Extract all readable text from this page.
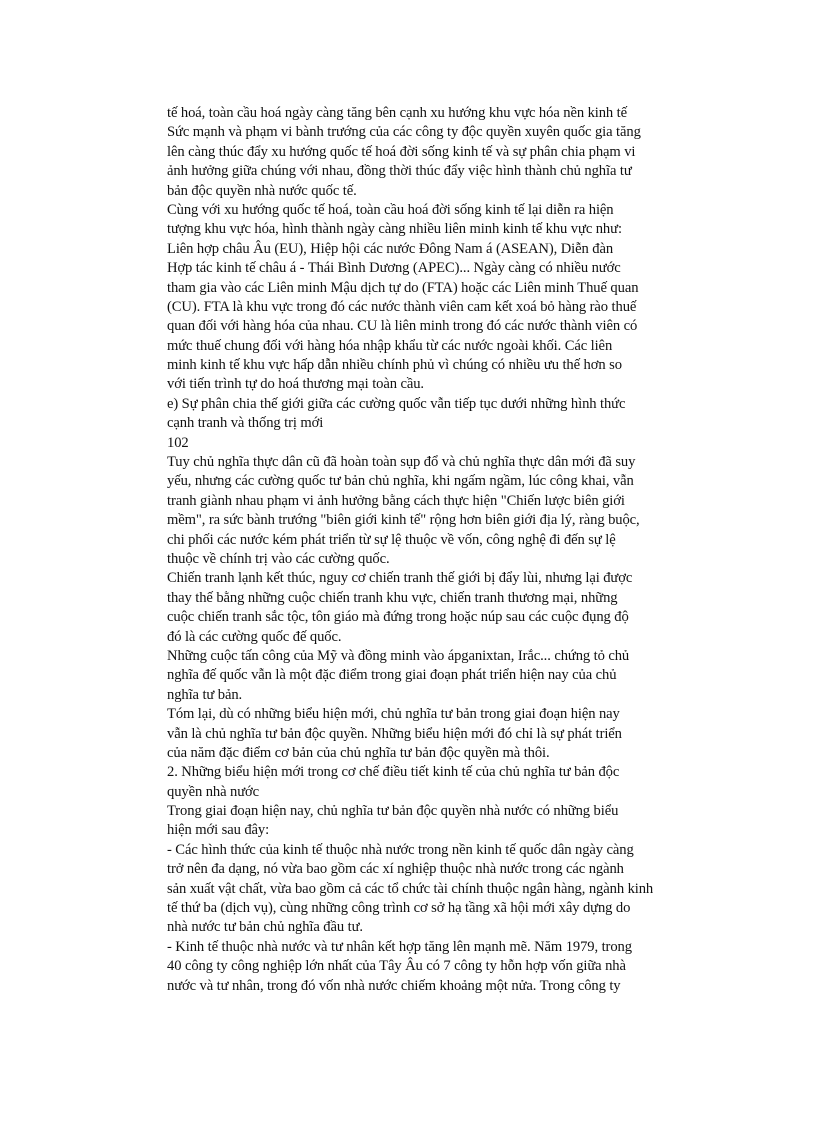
tế hoá, toàn cầu hoá ngày càng tăng bên cạnh xu hướng khu vực hóa nền kinh tế
Sức mạnh và phạm vi bành trướng của các công ty độc quyền xuyên quốc gia tăng
lên càng thúc đẩy xu hướng quốc tế hoá đời sống kinh tế và sự phân chia phạm vi
ảnh hưởng giữa chúng với nhau, đồng thời thúc đẩy việc hình thành chủ nghĩa tư
bản độc quyền nhà nước quốc tế.
Cùng với xu hướng quốc tế hoá, toàn cầu hoá đời sống kinh tế lại diễn ra hiện
tượng khu vực hóa, hình thành ngày càng nhiều liên minh kinh tế khu vực như:
Liên hợp châu Âu (EU), Hiệp hội các nước Đông Nam á (ASEAN), Diễn đàn
Hợp tác kinh tế châu á - Thái Bình Dương (APEC)... Ngày càng có nhiều nước
tham gia vào các Liên minh Mậu dịch tự do (FTA) hoặc các Liên minh Thuế quan
(CU). FTA là khu vực trong đó các nước thành viên cam kết xoá bỏ hàng rào thuế
quan đối với hàng hóa của nhau. CU là liên minh trong đó các nước thành viên có
mức thuế chung đối với hàng hóa nhập khẩu từ các nước ngoài khối. Các liên
minh kinh tế khu vực hấp dẫn nhiều chính phủ vì chúng có nhiều ưu thế hơn so
với tiến trình tự do hoá thương mại toàn cầu.
e) Sự phân chia thế giới giữa các cường quốc vẫn tiếp tục dưới những hình thức
cạnh tranh và thống trị mới
102
Tuy chủ nghĩa thực dân cũ đã hoàn toàn sụp đổ và chủ nghĩa thực dân mới đã suy
yếu, nhưng các cường quốc tư bản chủ nghĩa, khi ngấm ngầm, lúc công khai, vẫn
tranh giành nhau phạm vi ảnh hưởng bằng cách thực hiện "Chiến lược biên giới
mềm", ra sức bành trướng "biên giới kinh tế" rộng hơn biên giới địa lý, ràng buộc,
chi phối các nước kém phát triển từ sự lệ thuộc về vốn, công nghệ đi đến sự lệ
thuộc về chính trị vào các cường quốc.
Chiến tranh lạnh kết thúc, nguy cơ chiến tranh thế giới bị đẩy lùi, nhưng lại được
thay thế bằng những cuộc chiến tranh khu vực, chiến tranh thương mại, những
cuộc chiến tranh sắc tộc, tôn giáo mà đứng trong hoặc núp sau các cuộc đụng độ
đó là các cường quốc đế quốc.
Những cuộc tấn công của Mỹ và đồng minh vào ápganixtan, Irắc... chứng tỏ chủ
nghĩa đế quốc vẫn là một đặc điểm trong giai đoạn phát triển hiện nay của chủ
nghĩa tư bản.
Tóm lại, dù có những biểu hiện mới, chủ nghĩa tư bản trong giai đoạn hiện nay
vẫn là chủ nghĩa tư bản độc quyền. Những biểu hiện mới đó chỉ là sự phát triển
của năm đặc điểm cơ bản của chủ nghĩa tư bản độc quyền mà thôi.
2. Những biểu hiện mới trong cơ chế điều tiết kinh tế của chủ nghĩa tư bản độc
quyền nhà nước
Trong giai đoạn hiện nay, chủ nghĩa tư bản độc quyền nhà nước có những biểu
hiện mới sau đây:
- Các hình thức của kinh tế thuộc nhà nước trong nền kinh tế quốc dân ngày càng
trở nên đa dạng, nó vừa bao gồm các xí nghiệp thuộc nhà nước trong các ngành
sản xuất vật chất, vừa bao gồm cả các tổ chức tài chính thuộc ngân hàng, ngành kinh
tế thứ ba (dịch vụ), cùng những công trình cơ sở hạ tầng xã hội mới xây dựng do
nhà nước tư bản chủ nghĩa đầu tư.
- Kinh tế thuộc nhà nước và tư nhân kết hợp tăng lên mạnh mẽ. Năm 1979, trong
40 công ty công nghiệp lớn nhất của Tây Âu có 7 công ty hỗn hợp vốn giữa nhà
nước và tư nhân, trong đó vốn nhà nước chiếm khoảng một nửa. Trong công ty
